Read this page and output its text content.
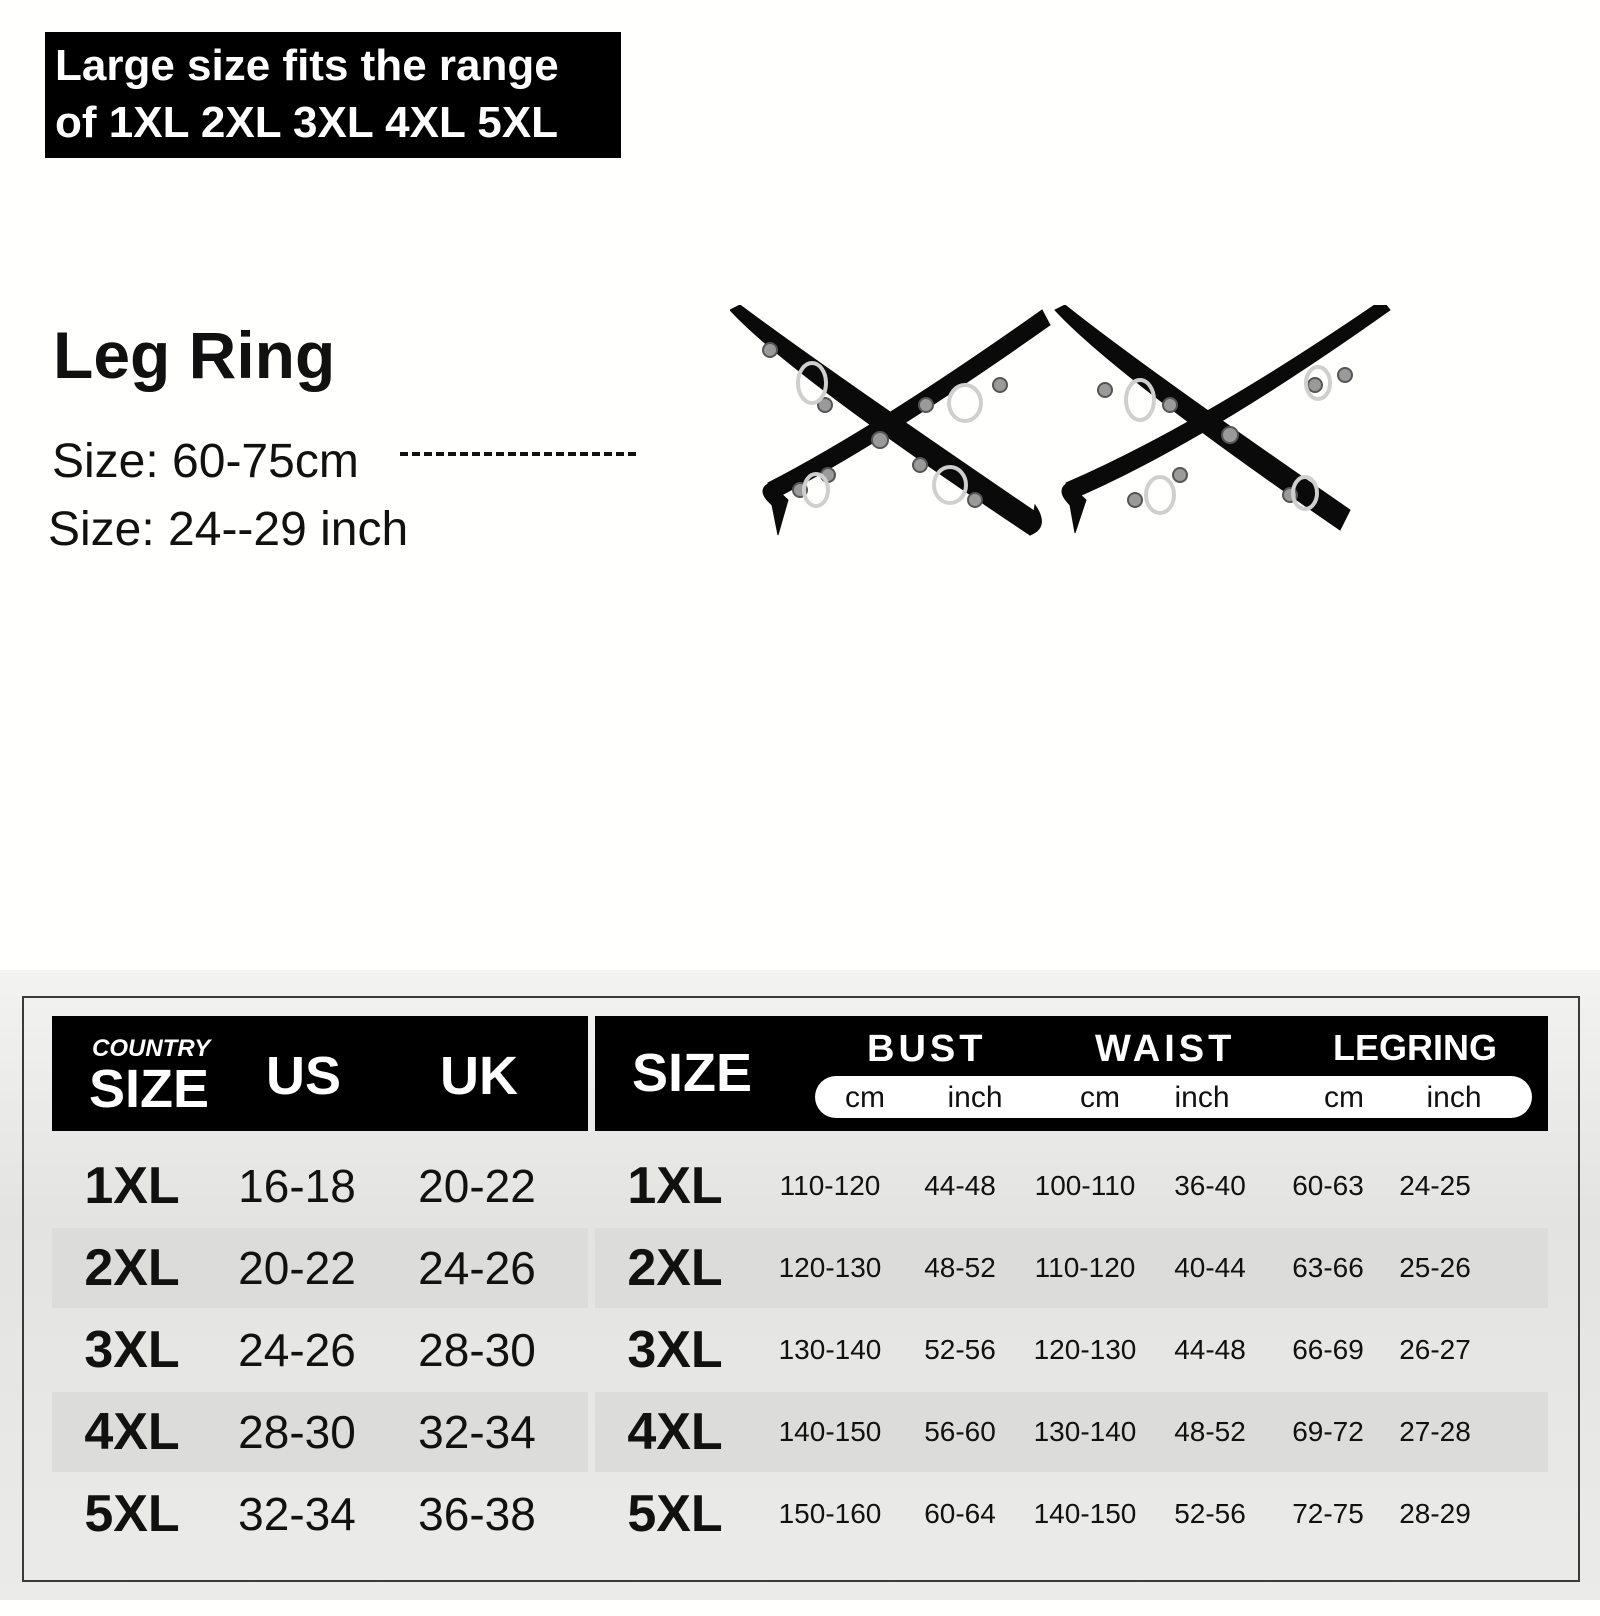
Large size fits the range
of 1XL 2XL 3XL 4XL 5XL
Leg Ring
Size: 60-75cm
Size: 24--29 inch
COUNTRY
SIZE US UK
1XL 16-18 20-22
2XL 20-22 24-26
3XL 24-26 28-30
4XL 28-30 32-34
5XL 32-34 36-38
SIZE	BUST	WAIST	LEGRING
cm	inch	cm	inch	cm	inch
1XL	110-120	44-48	100-110	36-40	60-63	24-25
2XL	120-130	48-52	110-120	40-44	63-66	25-26
3XL	130-140	52-56	120-130	44-48	66-69	26-27
4XL	140-150	56-60	130-140	48-52	69-72	27-28
5XL	150-160	60-64	140-150	52-56	72-75	28-29
